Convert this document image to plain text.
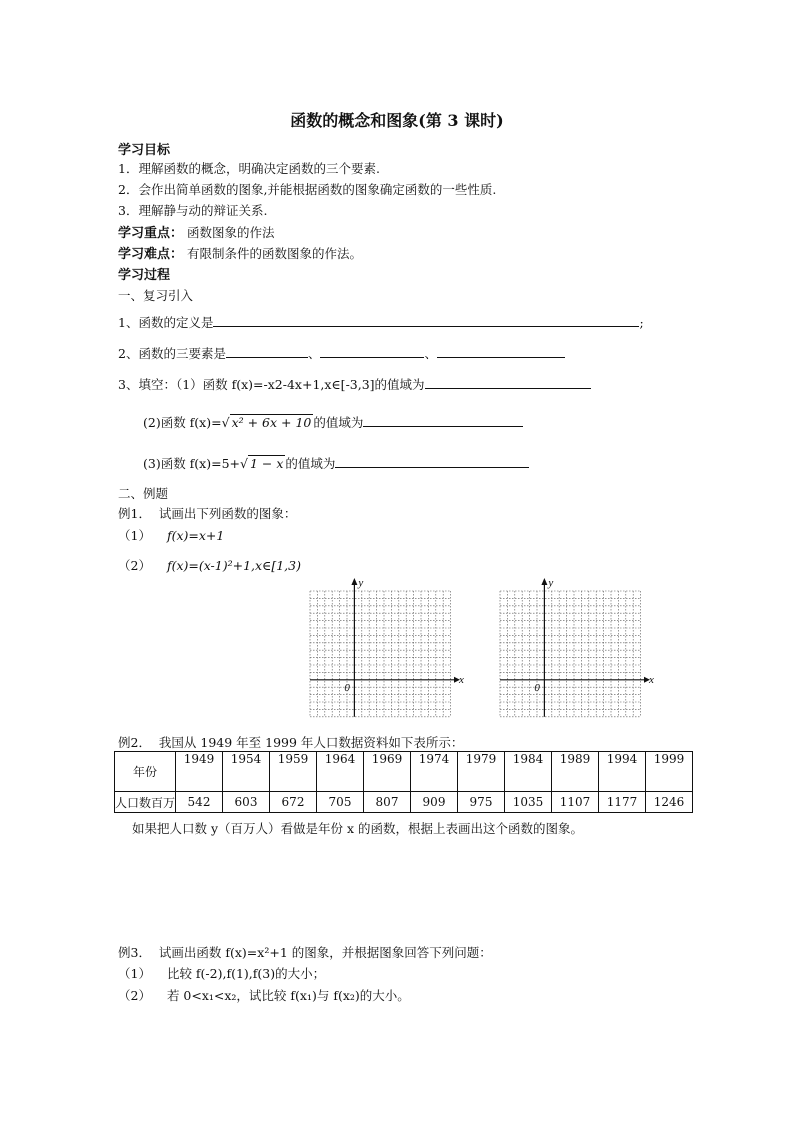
函数的概念和图象(第 3 课时)
学习目标
1．理解函数的概念，明确决定函数的三个要素.
2．会作出简单函数的图象,并能根据函数的图象确定函数的一些性质.
3．理解静与动的辩证关系.
学习重点： 函数图象的作法
学习难点： 有限制条件的函数图象的作法。
学习过程
一、复习引入
1、函数的定义是	;
2、函数的三要素是	、	、
3、填空：（1）函数 f(x)=-x2-4x+1,x∈[-3,3]的值域为
(2)函数 f(x)=√ x² + 6x + 10 的值域为
(3)函数 f(x)=5+√ 1 − x 的值域为
二、例题
例1． 试画出下列函数的图象：
（1） f(x)=x+1
（2） f(x)=(x-1)²+1,x∈[1,3)
y
x
0
y
x
0
例2． 我国从 1949 年至 1999 年人口数据资料如下表所示：
年份	1949	1954	1959	1964	1969	1974	1979	1984	1989	1994	1999
人口数百万	542	603	672	705	807	909	975	1035	1107	1177	1246
如果把人口数 y（百万人）看做是年份 x 的函数，根据上表画出这个函数的图象。
例3． 试画出函数 f(x)=x²+1 的图象，并根据图象回答下列问题：
（1） 比较 f(-2),f(1),f(3)的大小；
（2） 若 0<x₁<x₂，试比较 f(x₁)与 f(x₂)的大小。
